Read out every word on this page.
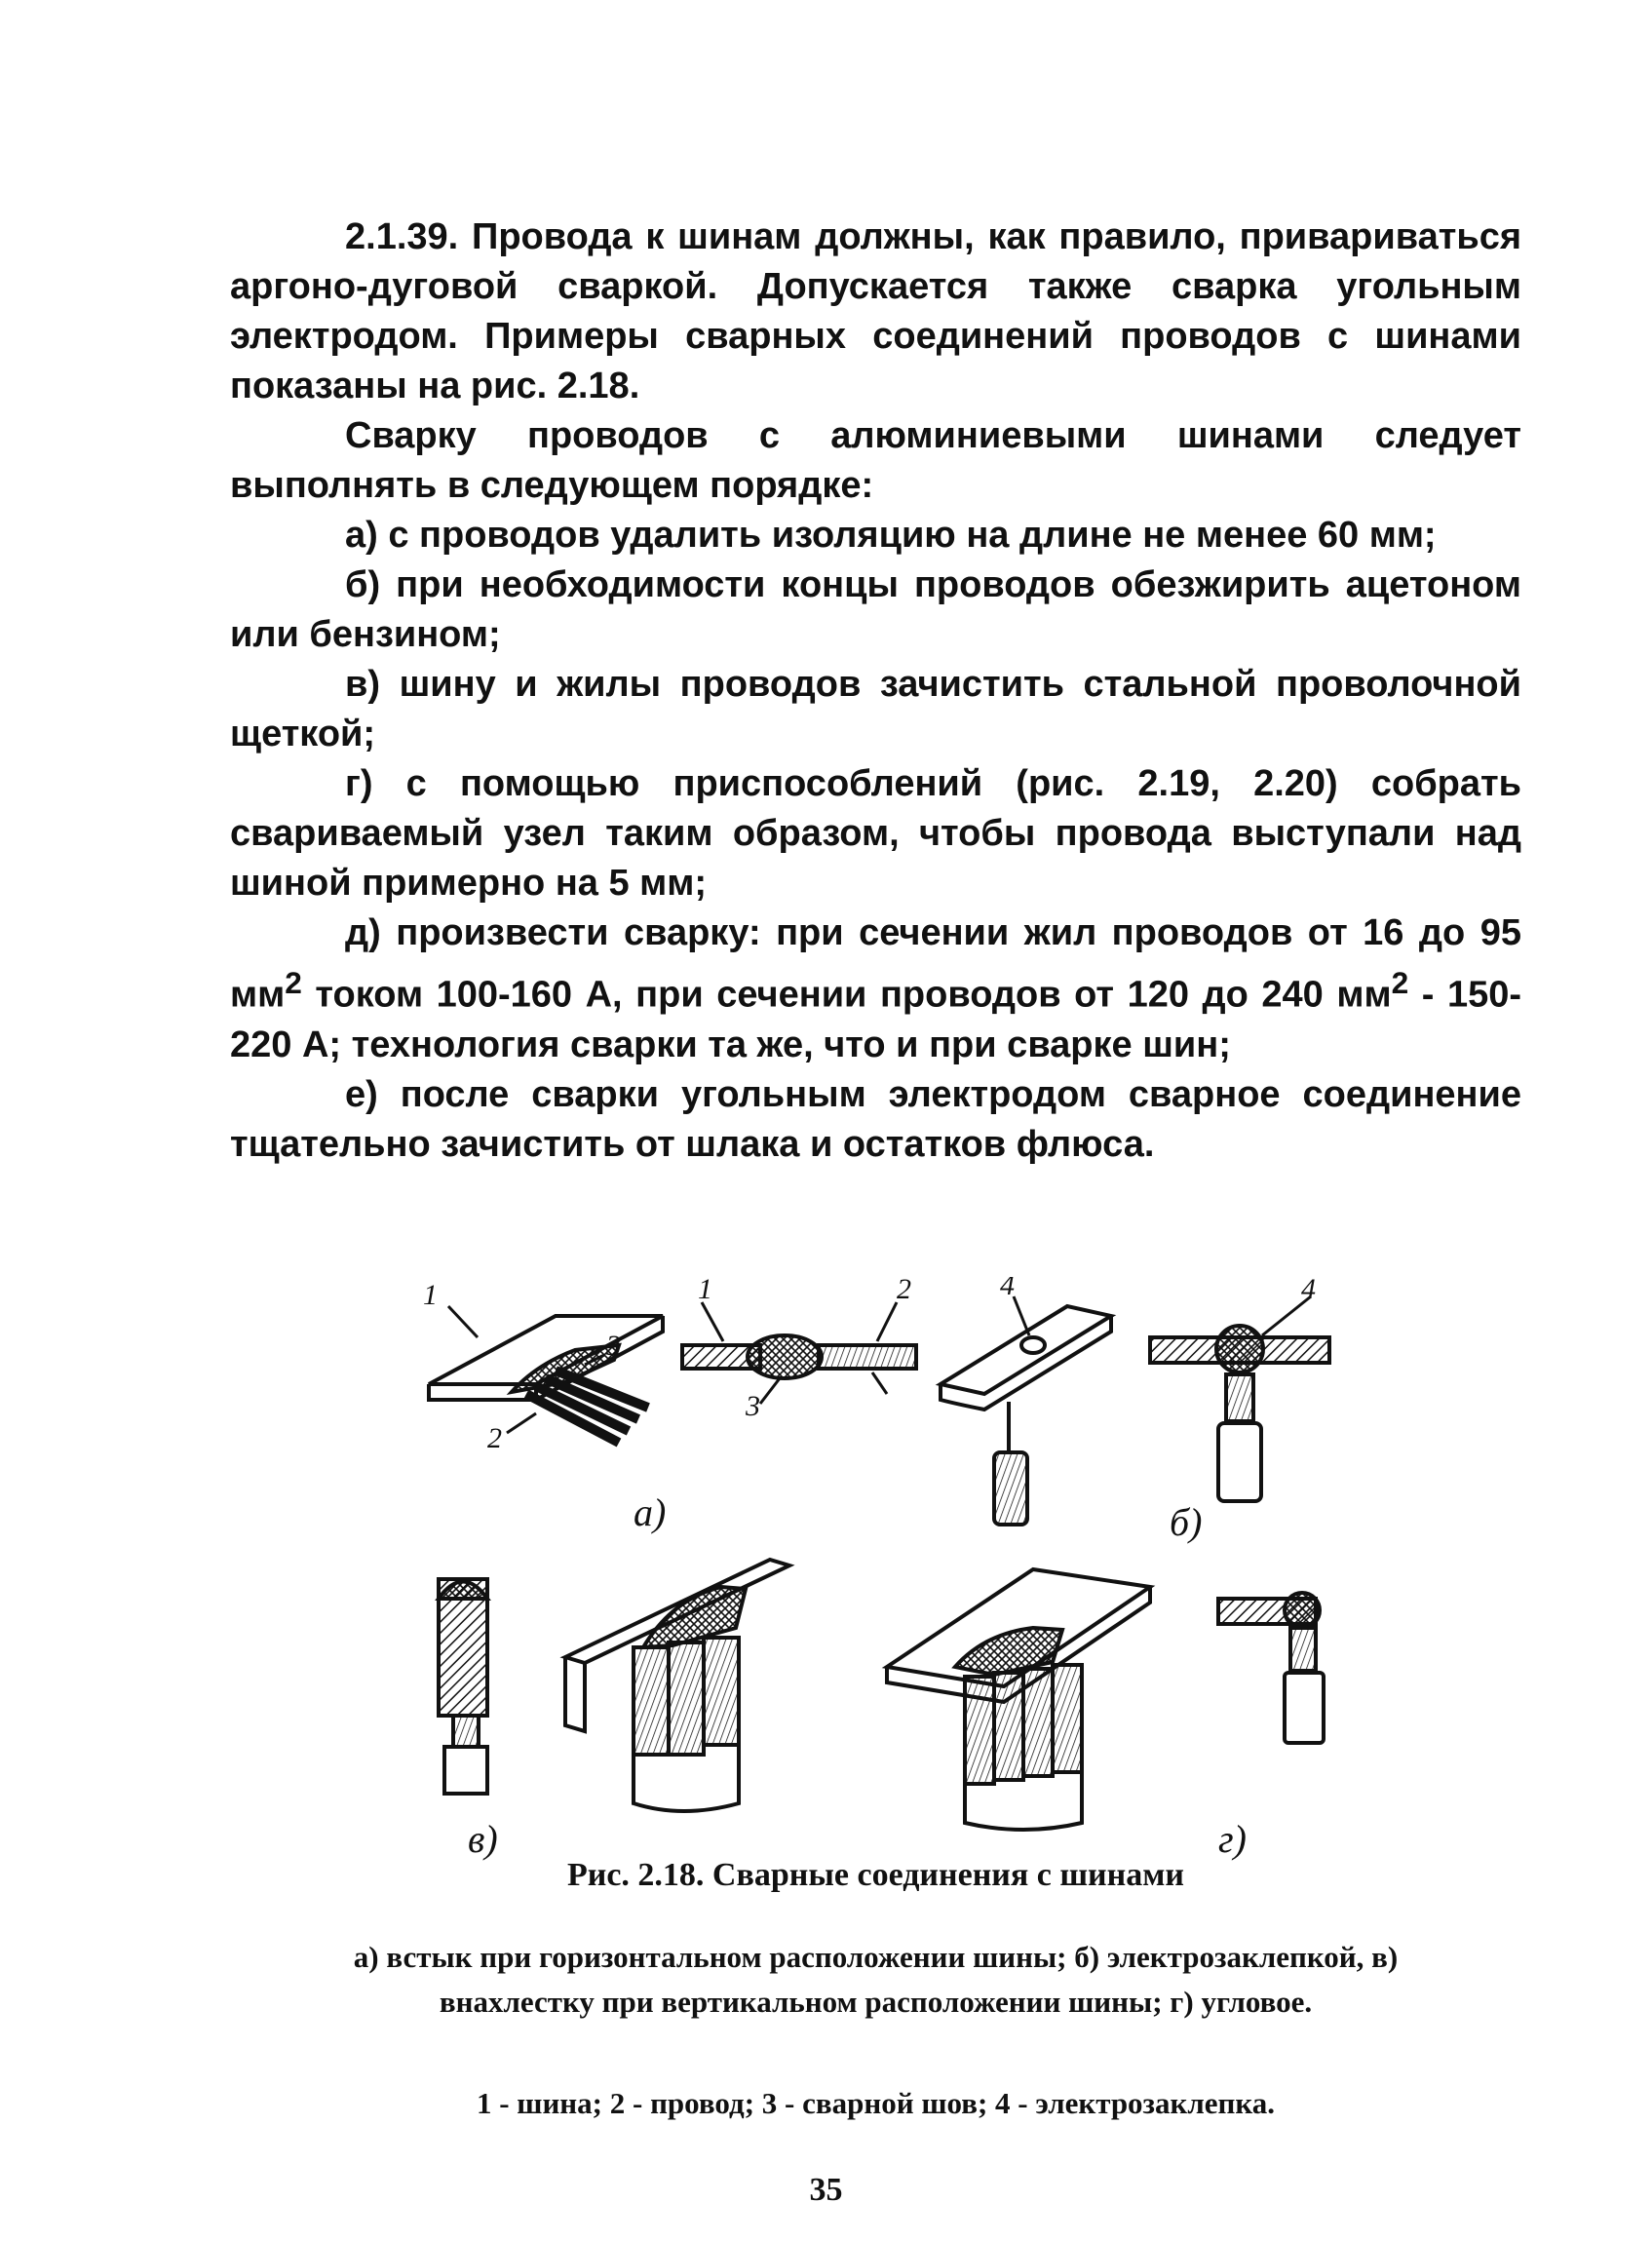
2.1.39. Провода к шинам должны, как правило, привариваться аргоно-дуговой сваркой. Допускается также сварка угольным электродом. Примеры сварных соединений проводов с шинами показаны на рис. 2.18.

Сварку проводов с алюминиевыми шинами следует выполнять в следующем порядке:

а) с проводов удалить изоляцию на длине не менее 60 мм;

б) при необходимости концы проводов обезжирить ацетоном или бензином;

в) шину и жилы проводов зачистить стальной проволочной щеткой;

г) с помощью приспособлений (рис. 2.19, 2.20) собрать свариваемый узел таким образом, чтобы провода выступали над шиной примерно на 5 мм;

д) произвести сварку: при сечении жил проводов от 16 до 95 $мм^2$ током 100-160 А, при сечении проводов от 120 до 240 $мм^2 - 150-220$ А; технология сварки та же, что и при сварке шин;

е) после сварки угольным электродом сварное соединение тщательно зачистить от шлака и остатков флюса.

1
2
3
1	2
3
а)
4	4
б)
в)	г)
Рис. 2.18. Сварные соединения с шинами
а) встык при горизонтальном расположении шины; б) электрозаклепкой, в) внахлестку при вертикальном расположении шины; г) угловое.
1 - шина; 2 - провод; 3 - сварной шов; 4 - электрозаклепка.
35
